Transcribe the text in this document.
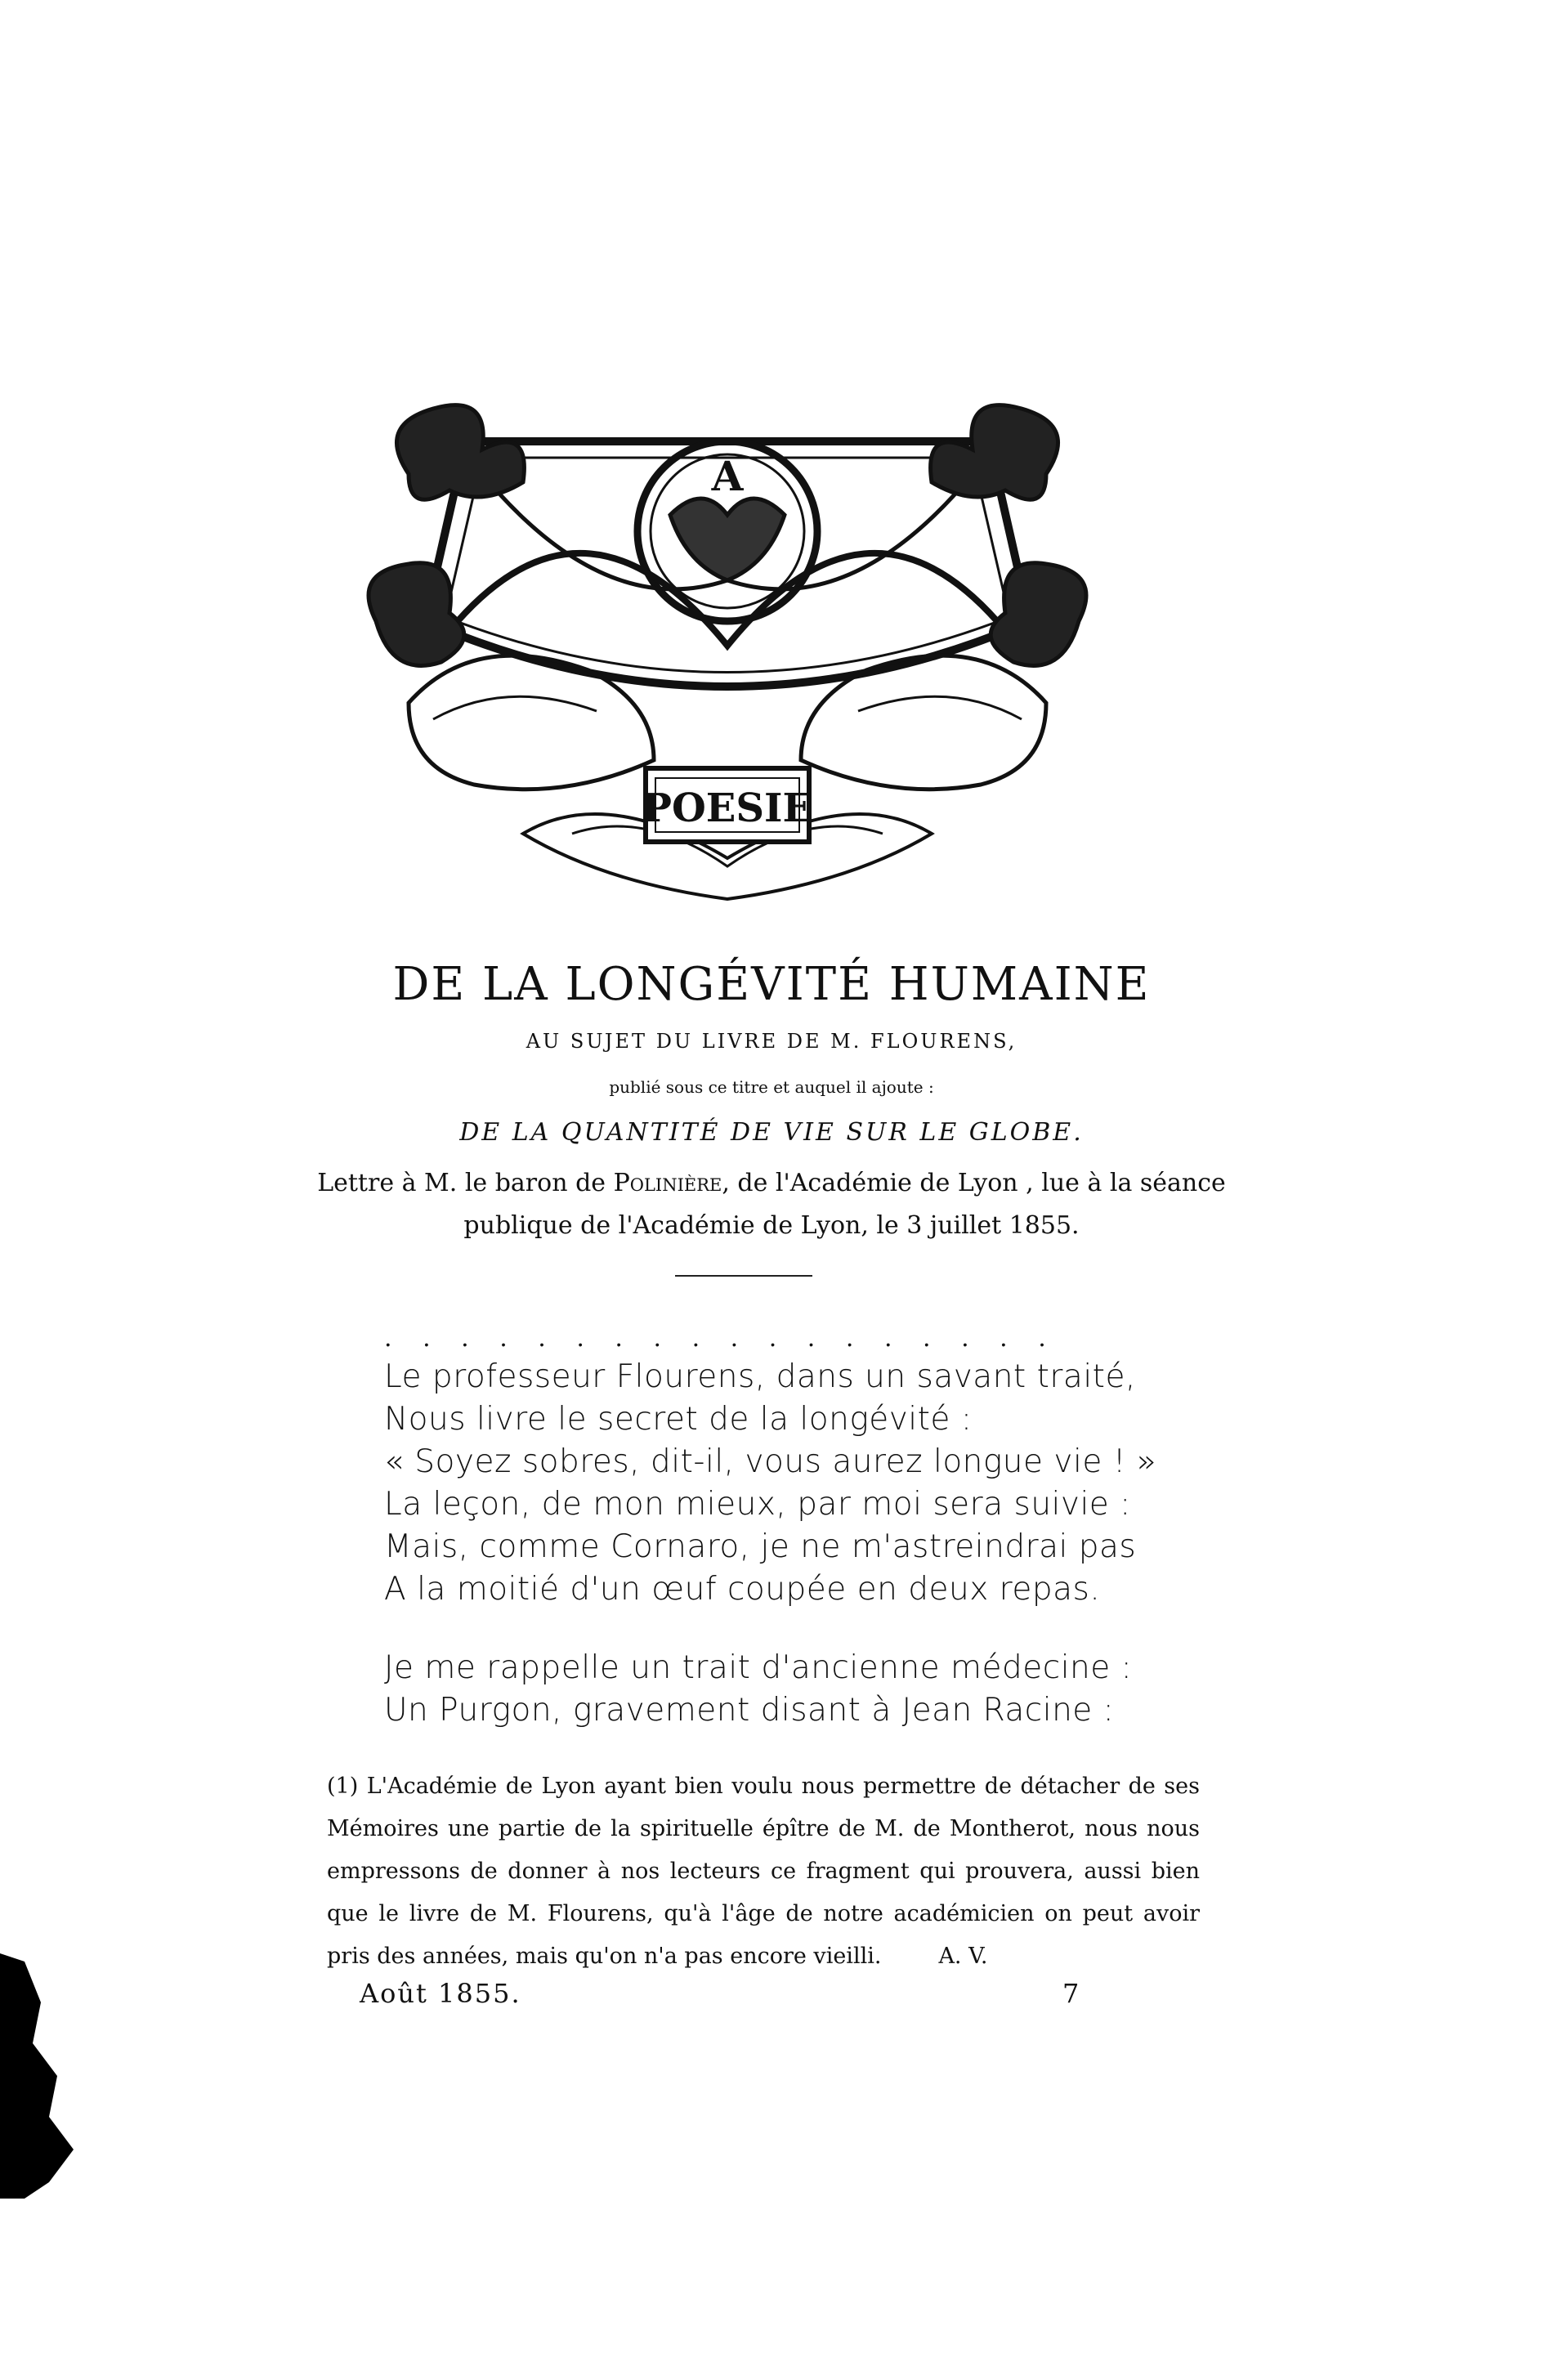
POESIE
A
DE LA LONGÉVITÉ HUMAINE
AU SUJET DU LIVRE DE M. FLOURENS,
publié sous ce titre et auquel il ajoute :
DE LA QUANTITÉ DE VIE SUR LE GLOBE.
Lettre à M. le baron de Polinière, de l'Académie de Lyon , lue à la séance
publique de l'Académie de Lyon, le 3 juillet 1855.
. . . . . . . . . . . . . . . . . .
Le professeur Flourens, dans un savant traité,
Nous livre le secret de la longévité :
« Soyez sobres, dit-il, vous aurez longue vie ! »
La leçon, de mon mieux, par moi sera suivie :
Mais, comme Cornaro, je ne m'astreindrai pas
A la moitié d'un œuf coupée en deux repas.
Je me rappelle un trait d'ancienne médecine :
Un Purgon, gravement disant à Jean Racine :
(1) L'Académie de Lyon ayant bien voulu nous permettre de détacher de ses Mémoires une partie de la spirituelle épître de M. de Montherot, nous nous empressons de donner à nos lecteurs ce fragment qui prouvera, aussi bien que le livre de M. Flourens, qu'à l'âge de notre académicien on peut avoir pris des années, mais qu'on n'a pas encore vieilli.	A. V.
Août 1855.	7
